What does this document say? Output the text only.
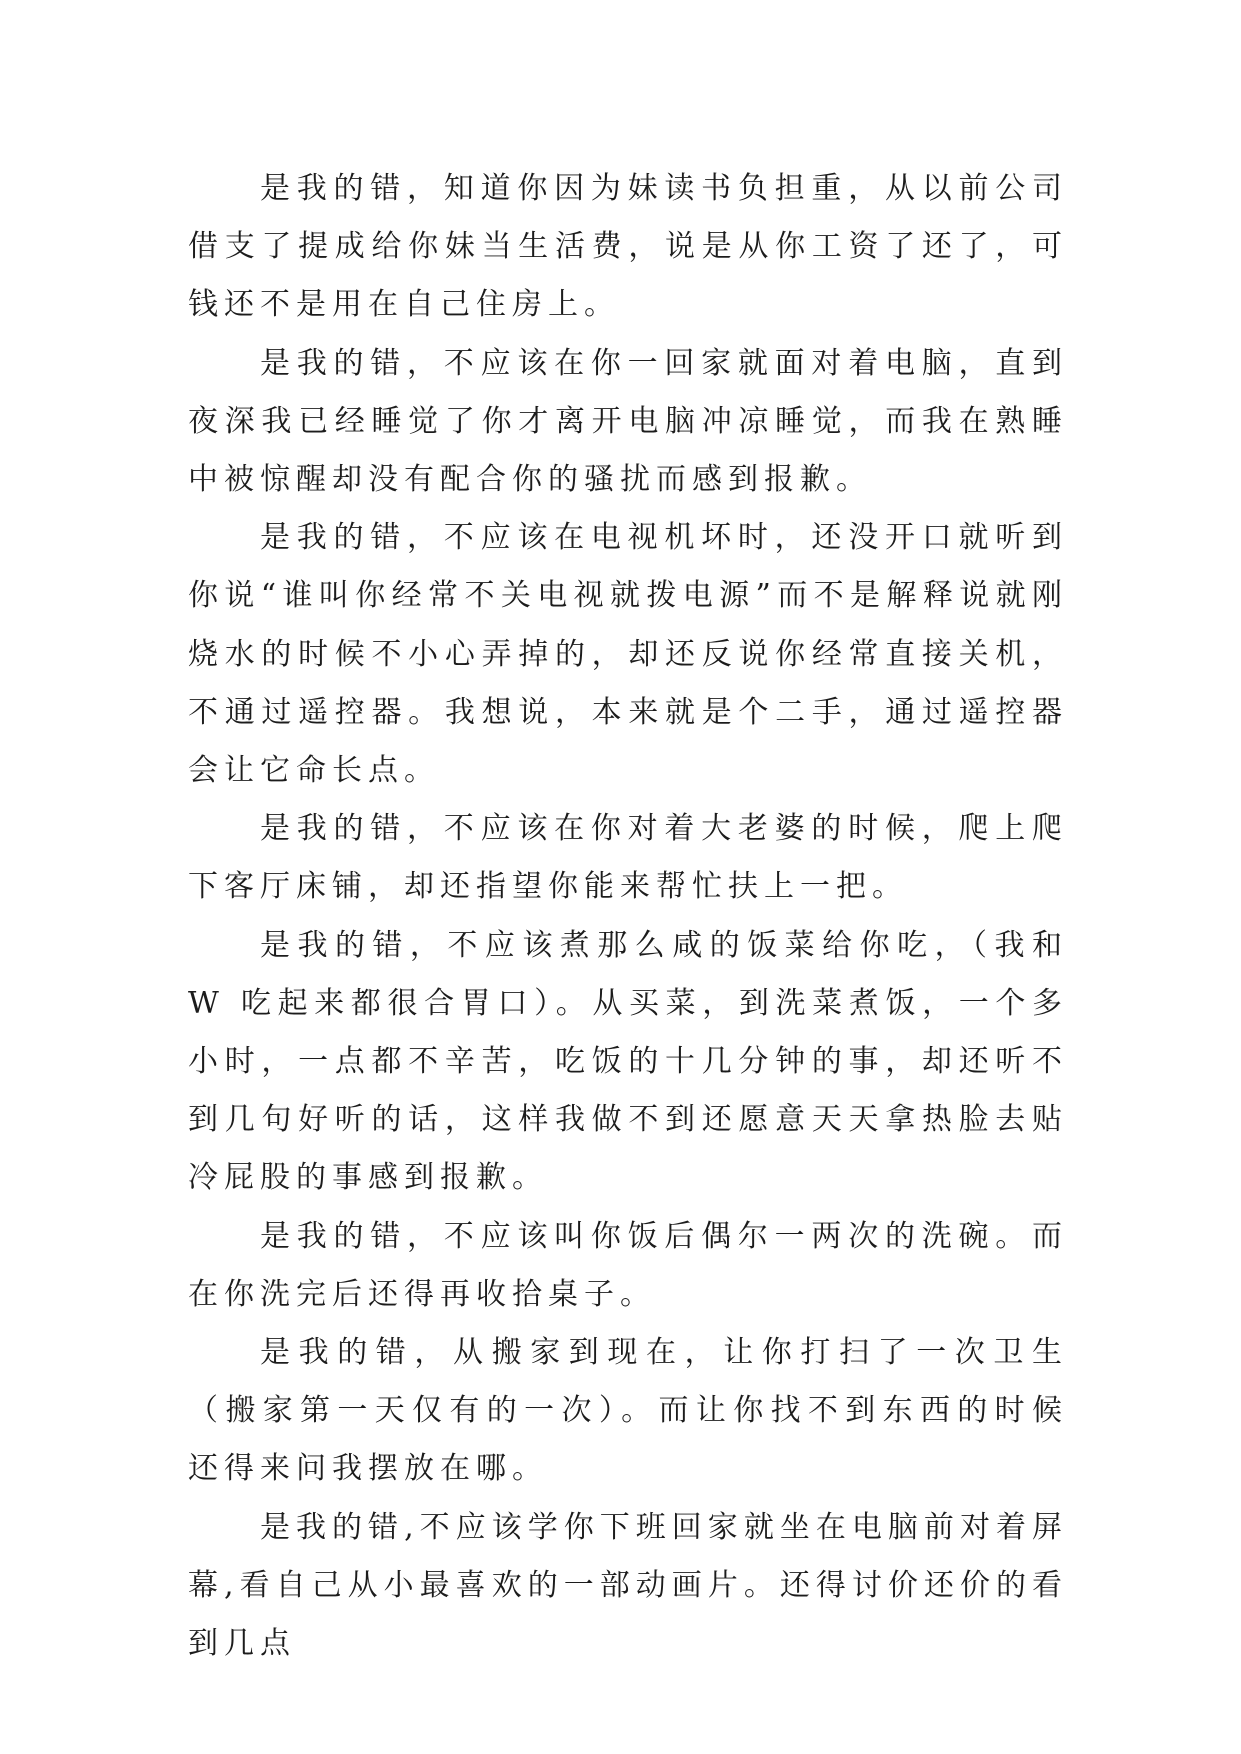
是我的错，知道你因为妹读书负担重，从以前公司借支了提成给你妹当生活费，说是从你工资了还了，可钱还不是用在自己住房上。

是我的错，不应该在你一回家就面对着电脑，直到夜深我已经睡觉了你才离开电脑冲凉睡觉，而我在熟睡中被惊醒却没有配合你的骚扰而感到报歉。

是我的错，不应该在电视机坏时，还没开口就听到你说“谁叫你经常不关电视就拨电源”而不是解释说就刚烧水的时候不小心弄掉的，却还反说你经常直接关机，不通过遥控器。我想说，本来就是个二手，通过遥控器会让它命长点。

是我的错，不应该在你对着大老婆的时候，爬上爬下客厅床铺，却还指望你能来帮忙扶上一把。

是我的错，不应该煮那么咸的饭菜给你吃，（我和 W 吃起来都很合胃口）。从买菜，到洗菜煮饭，一个多小时，一点都不辛苦，吃饭的十几分钟的事，却还听不到几句好听的话，这样我做不到还愿意天天拿热脸去贴冷屁股的事感到报歉。

是我的错，不应该叫你饭后偶尔一两次的洗碗。而在你洗完后还得再收拾桌子。

是我的错，从搬家到现在，让你打扫了一次卫生（搬家第一天仅有的一次）。而让你找不到东西的时候还得来问我摆放在哪。

是我的错,不应该学你下班回家就坐在电脑前对着屏幕,看自己从小最喜欢的一部动画片。还得讨价还价的看到几点
